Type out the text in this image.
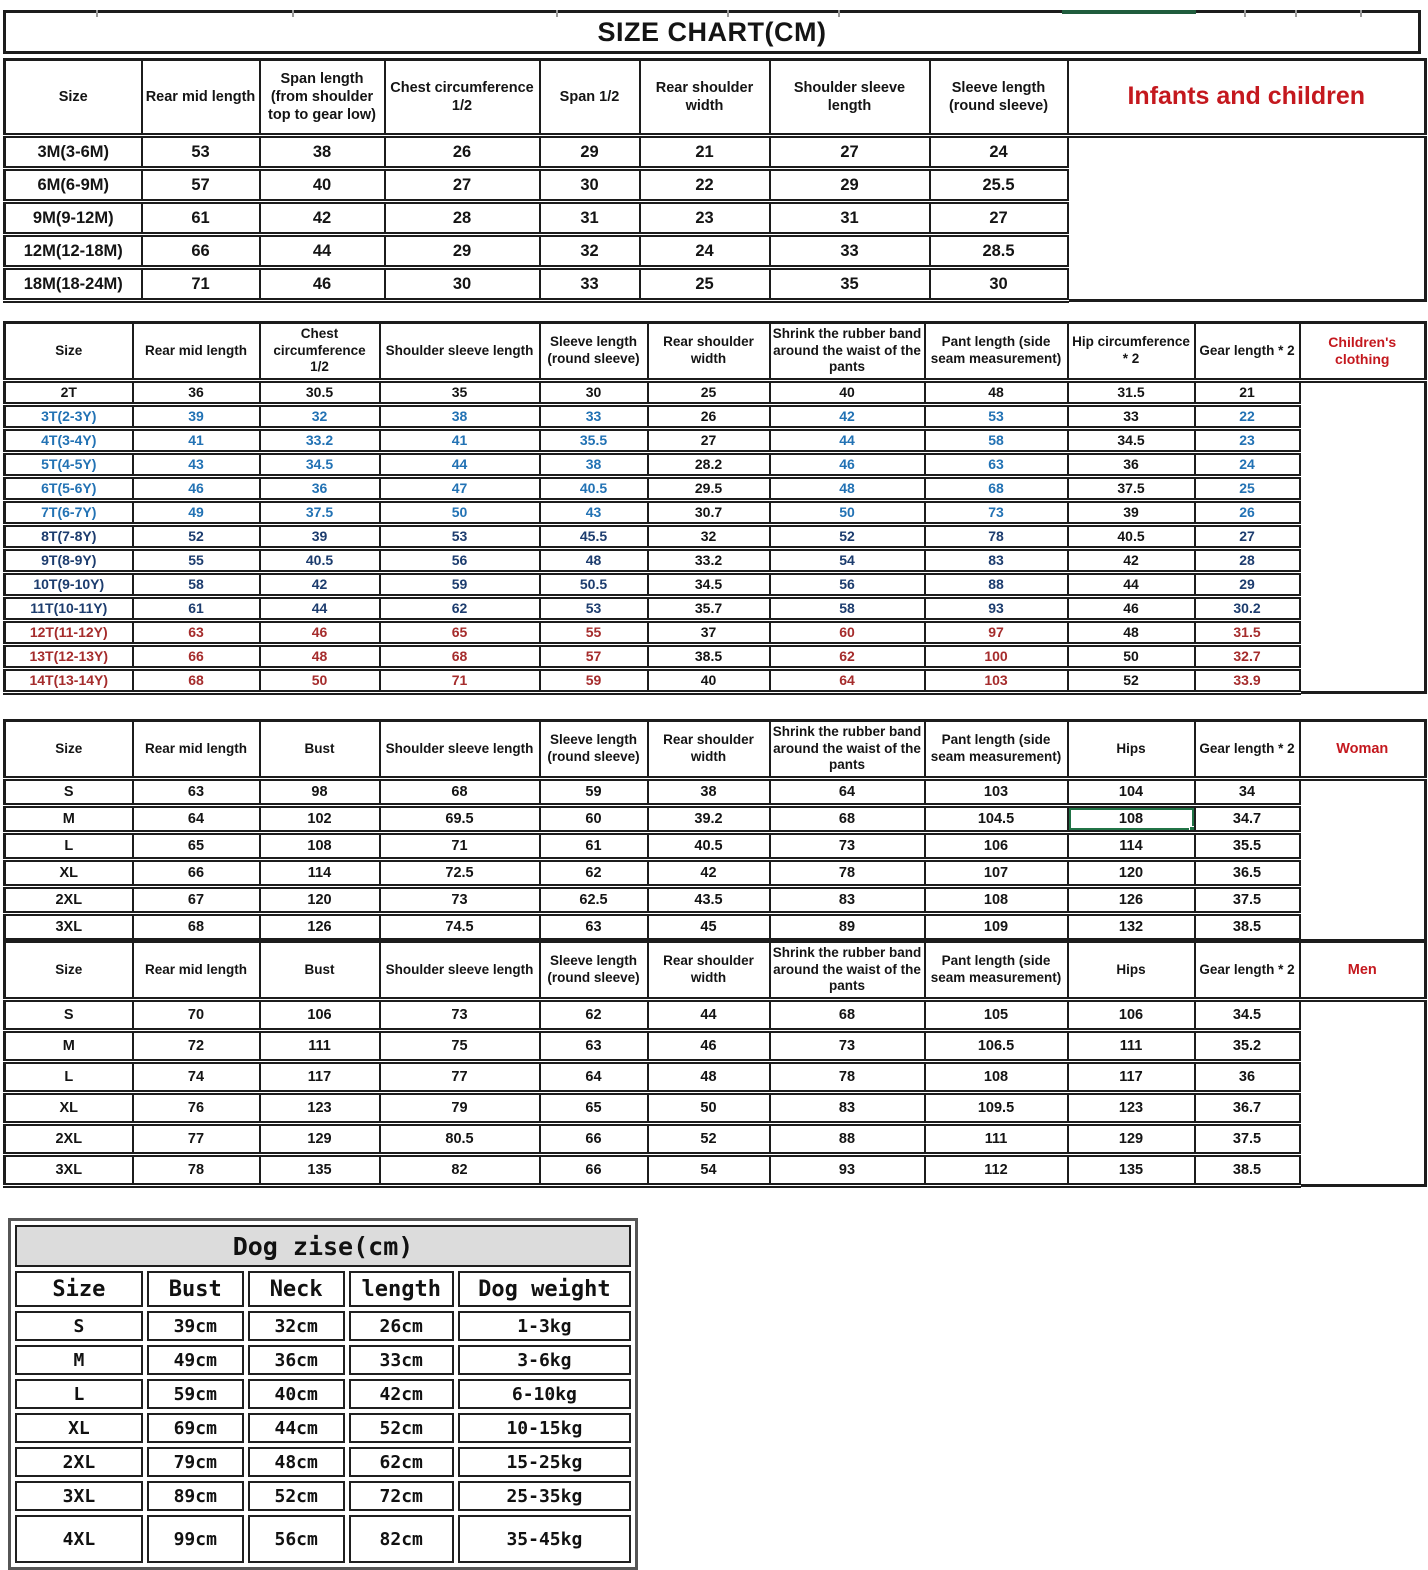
SIZE CHART(CM)
Size	Rear mid length	Span length (from shoulder top to gear low)	Chest circumference 1/2	Span 1/2	Rear shoulder width	Shoulder sleeve length	Sleeve length (round sleeve)	Infants and children
3M(3-6M)	53	38	26	29	21	27	24	
6M(6-9M)	57	40	27	30	22	29	25.5	
9M(9-12M)	61	42	28	31	23	31	27	
12M(12-18M)	66	44	29	32	24	33	28.5	
18M(18-24M)	71	46	30	33	25	35	30	
Size	Rear mid length	Chest circumference 1/2	Shoulder sleeve length	Sleeve length (round sleeve)	Rear shoulder width	Shrink the rubber band around the waist of the pants	Pant length (side seam measurement)	Hip circumference * 2	Gear length * 2	Children's clothing
2T	36	30.5	35	30	25	40	48	31.5	21	
3T(2-3Y)	39	32	38	33	26	42	53	33	22	
4T(3-4Y)	41	33.2	41	35.5	27	44	58	34.5	23	
5T(4-5Y)	43	34.5	44	38	28.2	46	63	36	24	
6T(5-6Y)	46	36	47	40.5	29.5	48	68	37.5	25	
7T(6-7Y)	49	37.5	50	43	30.7	50	73	39	26	
8T(7-8Y)	52	39	53	45.5	32	52	78	40.5	27	
9T(8-9Y)	55	40.5	56	48	33.2	54	83	42	28	
10T(9-10Y)	58	42	59	50.5	34.5	56	88	44	29	
11T(10-11Y)	61	44	62	53	35.7	58	93	46	30.2	
12T(11-12Y)	63	46	65	55	37	60	97	48	31.5	
13T(12-13Y)	66	48	68	57	38.5	62	100	50	32.7	
14T(13-14Y)	68	50	71	59	40	64	103	52	33.9	
Size	Rear mid length	Bust	Shoulder sleeve length	Sleeve length (round sleeve)	Rear shoulder width	Shrink the rubber band around the waist of the pants	Pant length (side seam measurement)	Hips	Gear length * 2	Woman
S	63	98	68	59	38	64	103	104	34	
M	64	102	69.5	60	39.2	68	104.5	108	34.7	
L	65	108	71	61	40.5	73	106	114	35.5	
XL	66	114	72.5	62	42	78	107	120	36.5	
2XL	67	120	73	62.5	43.5	83	108	126	37.5	
3XL	68	126	74.5	63	45	89	109	132	38.5	
Size	Rear mid length	Bust	Shoulder sleeve length	Sleeve length (round sleeve)	Rear shoulder width	Shrink the rubber band around the waist of the pants	Pant length (side seam measurement)	Hips	Gear length * 2	Men
S	70	106	73	62	44	68	105	106	34.5	
M	72	111	75	63	46	73	106.5	111	35.2	
L	74	117	77	64	48	78	108	117	36	
XL	76	123	79	65	50	83	109.5	123	36.7	
2XL	77	129	80.5	66	52	88	111	129	37.5	
3XL	78	135	82	66	54	93	112	135	38.5	
Dog zise(cm)				
Size	Bust	Neck	length	Dog weight
S	39cm	32cm	26cm	1-3kg
M	49cm	36cm	33cm	3-6kg
L	59cm	40cm	42cm	6-10kg
XL	69cm	44cm	52cm	10-15kg
2XL	79cm	48cm	62cm	15-25kg
3XL	89cm	52cm	72cm	25-35kg
4XL	99cm	56cm	82cm	35-45kg
